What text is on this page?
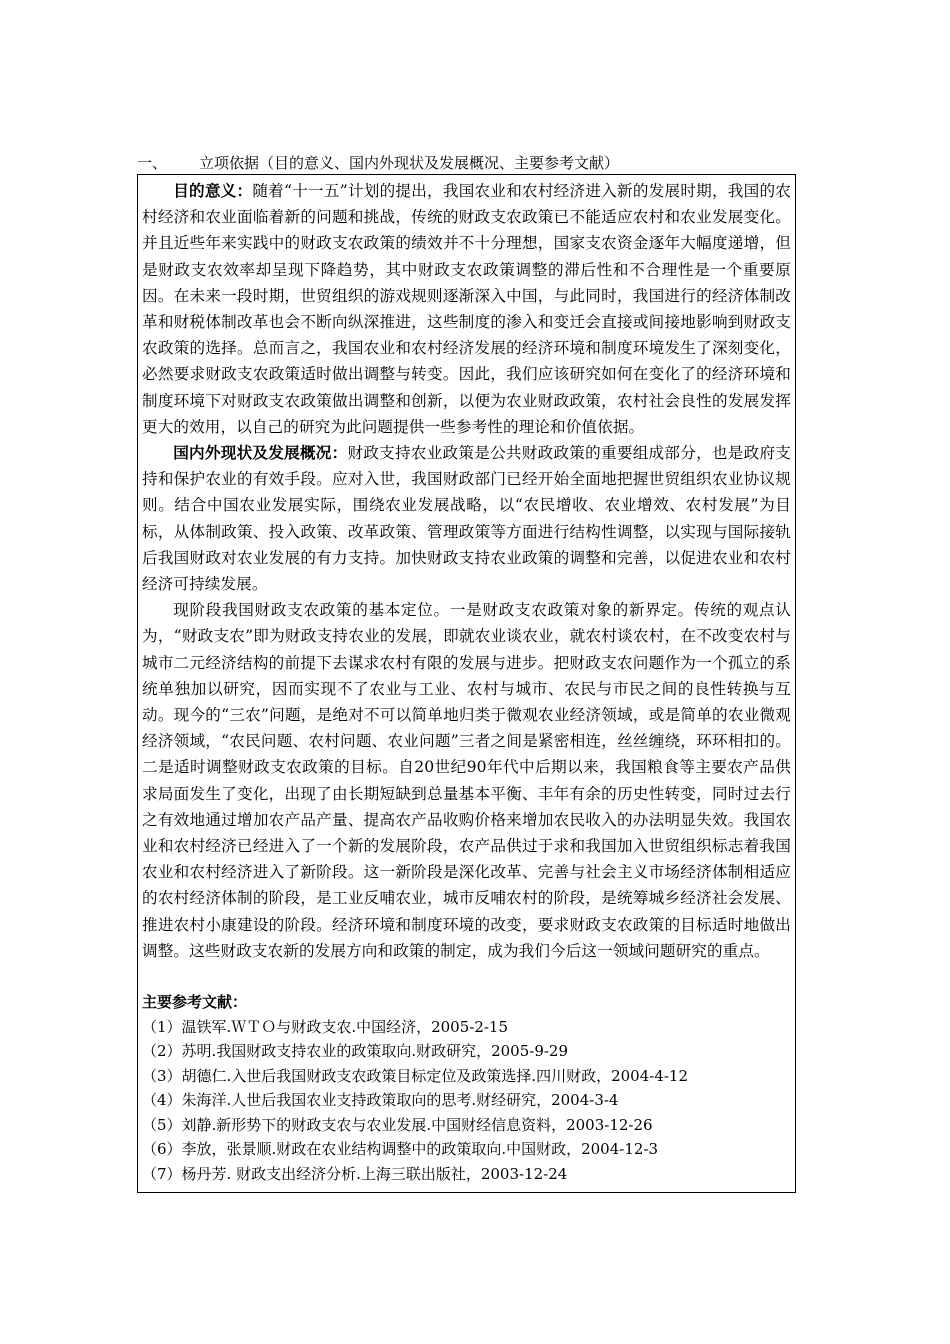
一、 立项依据（目的意义、国内外现状及发展概况、主要参考文献）

目的意义：随着“十一五”计划的提出，我国农业和农村经济进入新的发展时期，我国的农村经济和农业面临着新的问题和挑战，传统的财政支农政策已不能适应农村和农业发展变化。并且近些年来实践中的财政支农政策的绩效并不十分理想，国家支农资金逐年大幅度递增，但是财政支农效率却呈现下降趋势，其中财政支农政策调整的滞后性和不合理性是一个重要原因。在未来一段时期，世贸组织的游戏规则逐渐深入中国，与此同时，我国进行的经济体制改革和财税体制改革也会不断向纵深推进，这些制度的渗入和变迁会直接或间接地影响到财政支农政策的选择。总而言之，我国农业和农村经济发展的经济环境和制度环境发生了深刻变化，必然要求财政支农政策适时做出调整与转变。因此，我们应该研究如何在变化了的经济环境和制度环境下对财政支农政策做出调整和创新，以便为农业财政政策，农村社会良性的发展发挥更大的效用，以自己的研究为此问题提供一些参考性的理论和价值依据。

国内外现状及发展概况：财政支持农业政策是公共财政政策的重要组成部分，也是政府支持和保护农业的有效手段。应对入世，我国财政部门已经开始全面地把握世贸组织农业协议规则。结合中国农业发展实际，围绕农业发展战略，以“农民增收、农业增效、农村发展”为目标，从体制政策、投入政策、改革政策、管理政策等方面进行结构性调整，以实现与国际接轨后我国财政对农业发展的有力支持。加快财政支持农业政策的调整和完善，以促进农业和农村经济可持续发展。

现阶段我国财政支农政策的基本定位。一是财政支农政策对象的新界定。传统的观点认为，“财政支农”即为财政支持农业的发展，即就农业谈农业，就农村谈农村，在不改变农村与城市二元经济结构的前提下去谋求农村有限的发展与进步。把财政支农问题作为一个孤立的系统单独加以研究，因而实现不了农业与工业、农村与城市、农民与市民之间的良性转换与互动。现今的“三农”问题，是绝对不可以简单地归类于微观农业经济领域，或是简单的农业微观经济领域，“农民问题、农村问题、农业问题”三者之间是紧密相连，丝丝缠绕，环环相扣的。二是适时调整财政支农政策的目标。自20世纪90年代中后期以来，我国粮食等主要农产品供求局面发生了变化，出现了由长期短缺到总量基本平衡、丰年有余的历史性转变，同时过去行之有效地通过增加农产品产量、提高农产品收购价格来增加农民收入的办法明显失效。我国农业和农村经济已经进入了一个新的发展阶段，农产品供过于求和我国加入世贸组织标志着我国农业和农村经济进入了新阶段。这一新阶段是深化改革、完善与社会主义市场经济体制相适应的农村经济体制的阶段，是工业反哺农业，城市反哺农村的阶段，是统筹城乡经济社会发展、推进农村小康建设的阶段。经济环境和制度环境的改变，要求财政支农政策的目标适时地做出调整。这些财政支农新的发展方向和政策的制定，成为我们今后这一领域问题研究的重点。

主要参考文献：

（1）温铁军.ＷＴＯ与财政支农.中国经济，2005-2-15
（2）苏明.我国财政支持农业的政策取向.财政研究，2005-9-29
（3）胡德仁.入世后我国财政支农政策目标定位及政策选择.四川财政，2004-4-12
（4）朱海洋.人世后我国农业支持政策取向的思考.财经研究，2004-3-4
（5）刘静.新形势下的财政支农与农业发展.中国财经信息资料，2003-12-26
（6）李放，张景顺.财政在农业结构调整中的政策取向.中国财政，2004-12-3
（7）杨丹芳. 财政支出经济分析.上海三联出版社，2003-12-24
